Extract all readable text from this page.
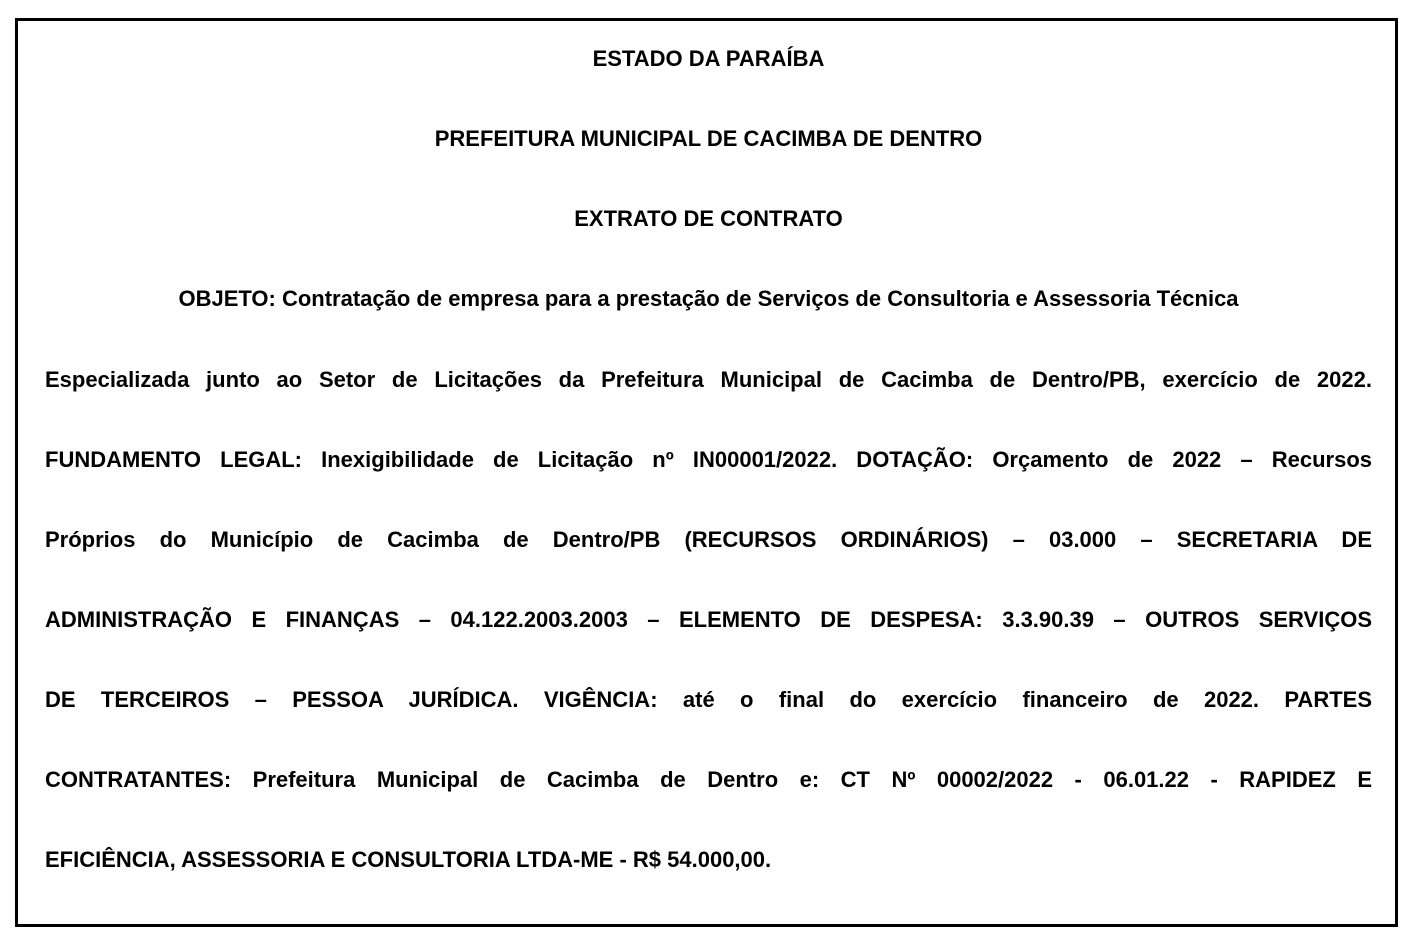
ESTADO DA PARAÍBA
PREFEITURA MUNICIPAL DE CACIMBA DE DENTRO
EXTRATO DE CONTRATO
OBJETO: Contratação de empresa para a prestação de Serviços de Consultoria e Assessoria Técnica
Especializada junto ao Setor de Licitações da Prefeitura Municipal de Cacimba de Dentro/PB, exercício de 2022.
FUNDAMENTO LEGAL: Inexigibilidade de Licitação nº IN00001/2022. DOTAÇÃO: Orçamento de 2022 – Recursos
Próprios do Município de Cacimba de Dentro/PB (RECURSOS ORDINÁRIOS) – 03.000 – SECRETARIA DE
ADMINISTRAÇÃO E FINANÇAS – 04.122.2003.2003 – ELEMENTO DE DESPESA: 3.3.90.39 – OUTROS SERVIÇOS
DE TERCEIROS – PESSOA JURÍDICA. VIGÊNCIA: até o final do exercício financeiro de 2022. PARTES
CONTRATANTES: Prefeitura Municipal de Cacimba de Dentro e: CT Nº 00002/2022 - 06.01.22 - RAPIDEZ E
EFICIÊNCIA, ASSESSORIA E CONSULTORIA LTDA-ME - R$ 54.000,00.
